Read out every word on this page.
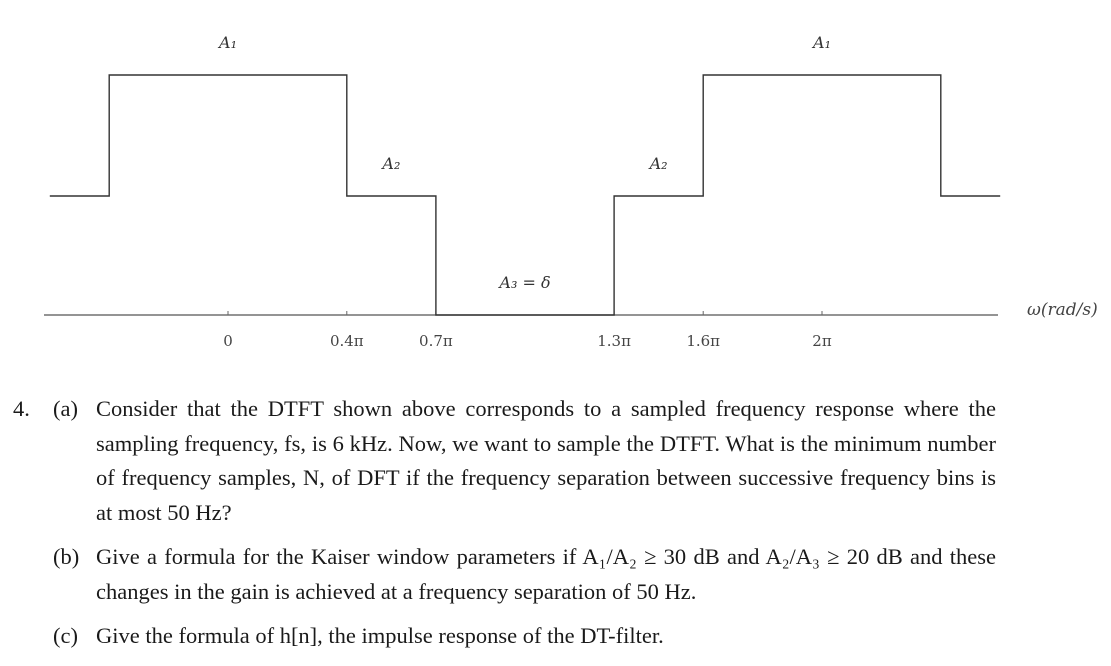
0	0.4π	0.7π	1.3π	1.6π	2π
A₁
A₂
A₃ = δ
A₂
A₁
ω(rad/s)
4. (a) Consider that the DTFT shown above corresponds to a sampled frequency response where the sampling frequency, fs, is 6 kHz. Now, we want to sample the DTFT. What is the minimum number of frequency samples, N, of DFT if the frequency separation between successive frequency bins is at most 50 Hz?
(b) Give a formula for the Kaiser window parameters if A₁/A₂ ≥ 30 dB and A₂/A₃ ≥ 20 dB and these changes in the gain is achieved at a frequency separation of 50 Hz.
(c) Give the formula of h[n], the impulse response of the DT-filter.
